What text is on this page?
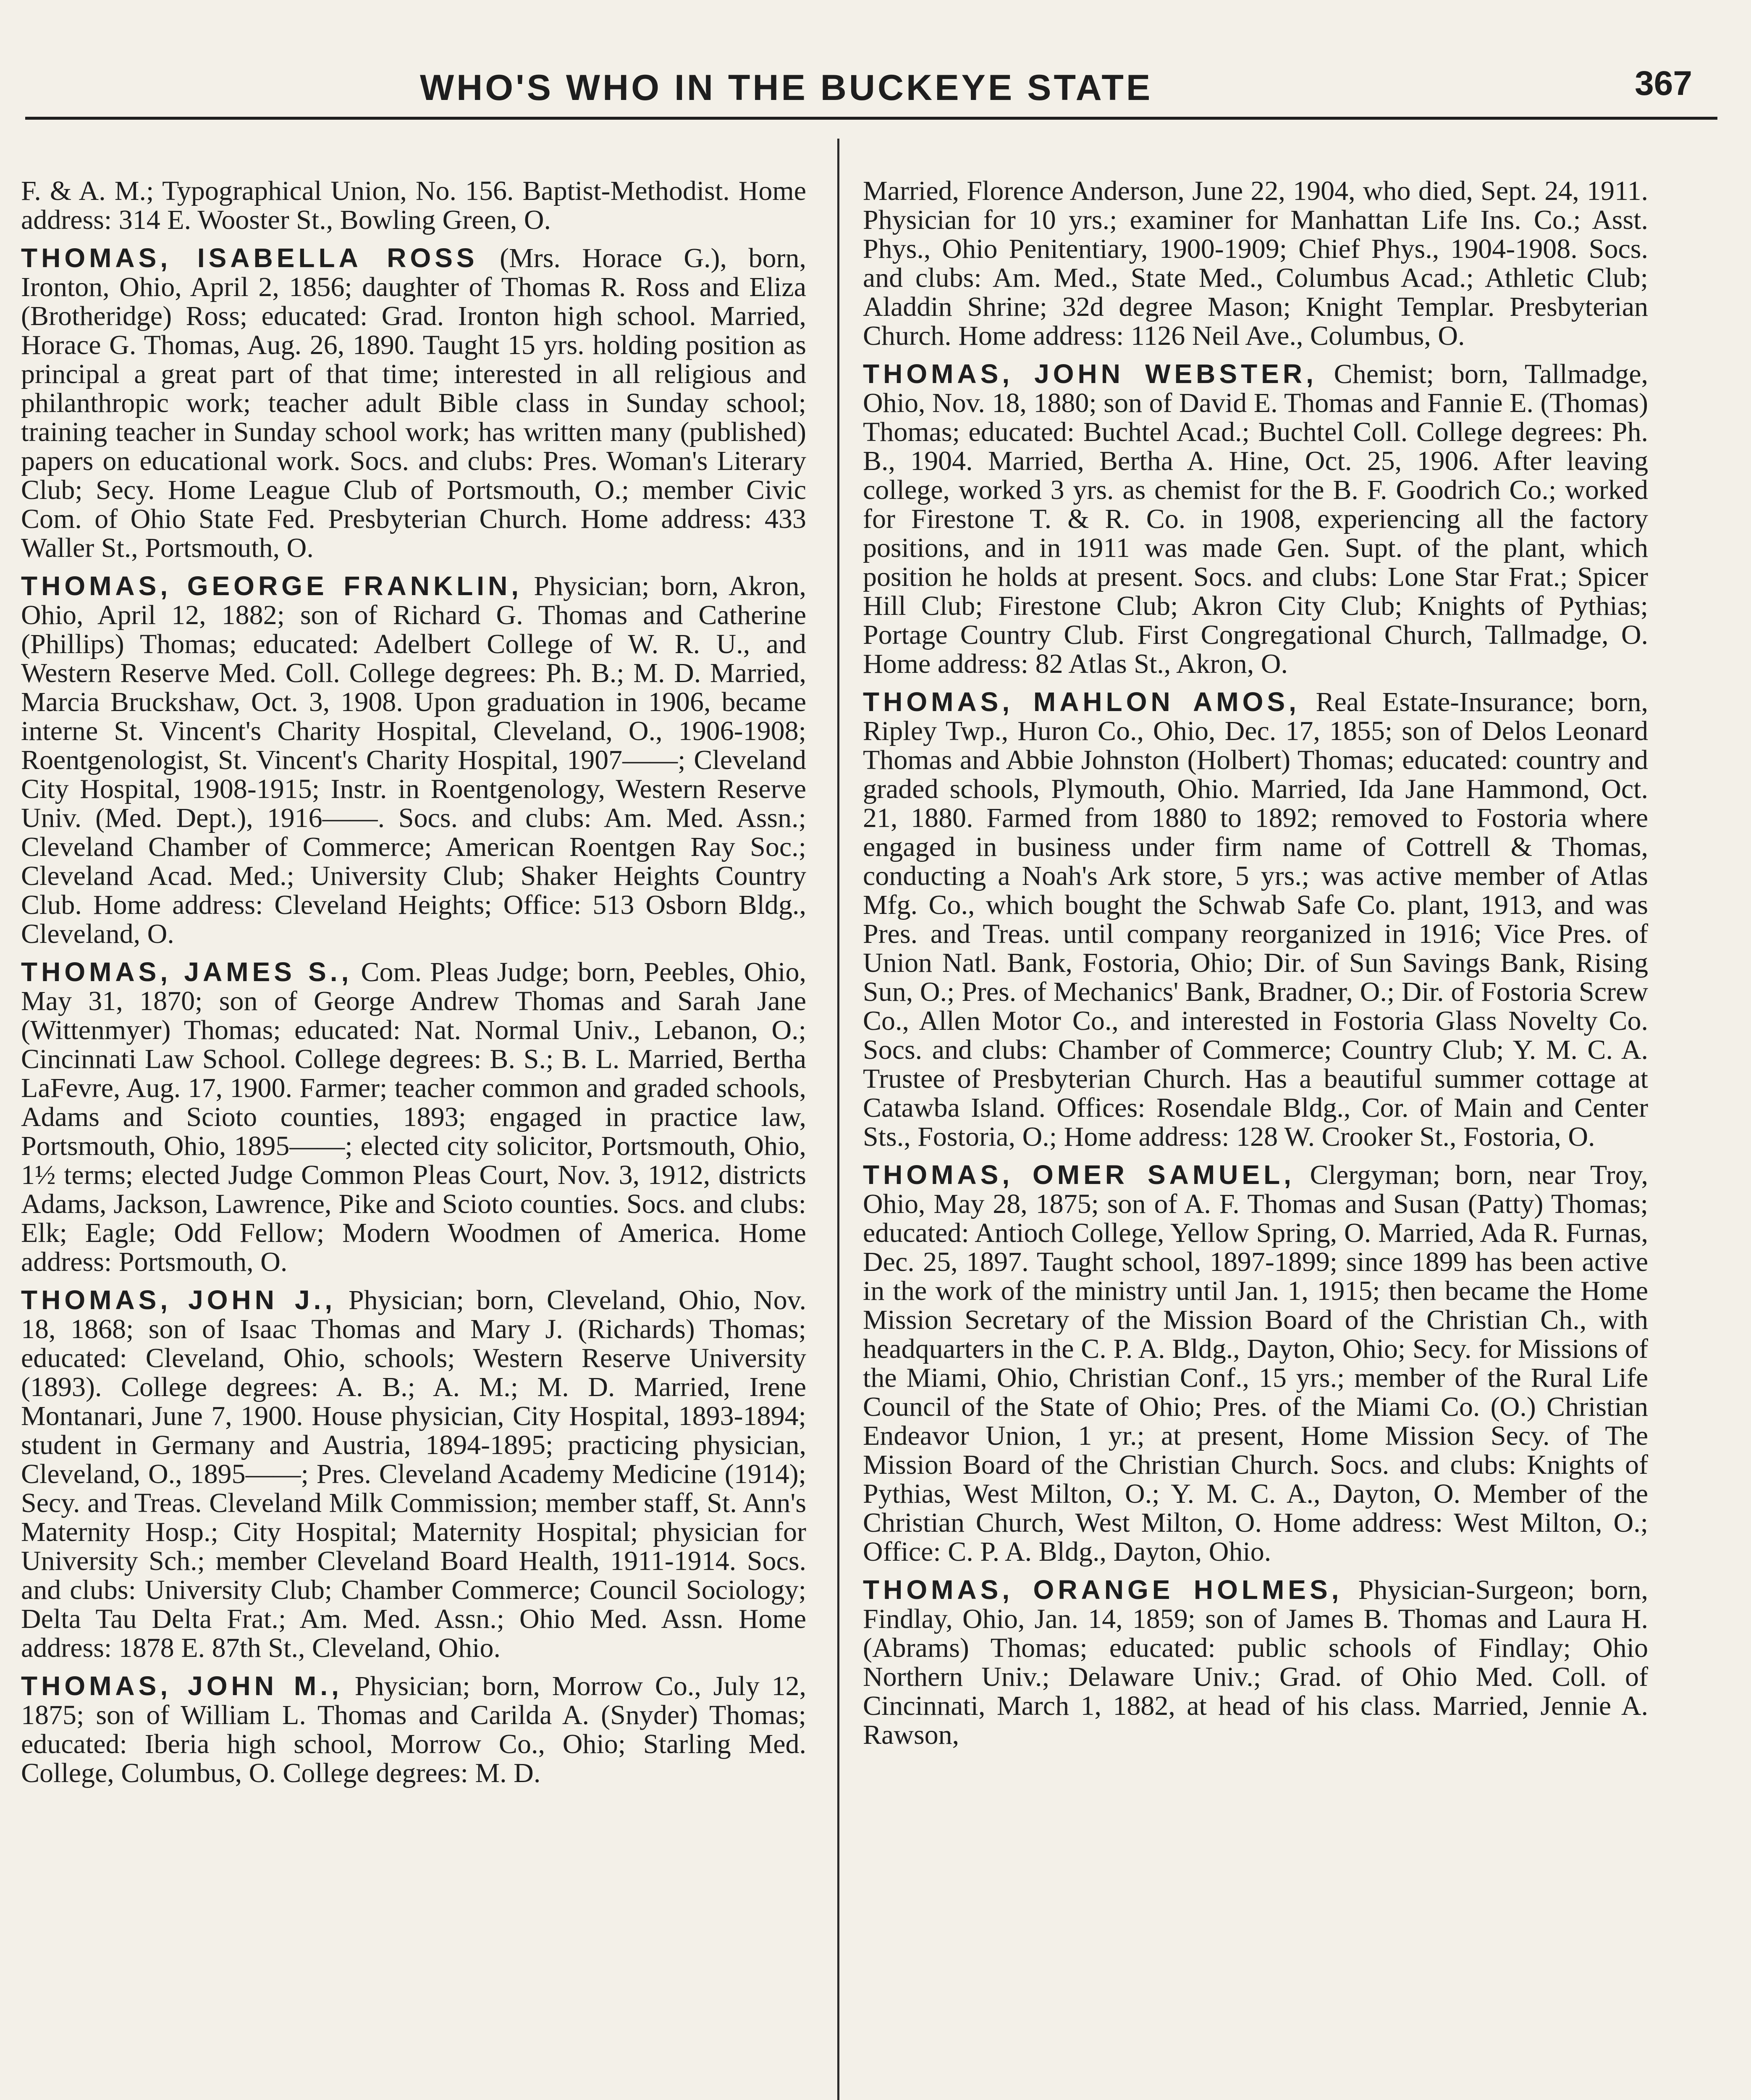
WHO'S WHO IN THE BUCKEYE STATE	367

F. & A. M.; Typographical Union, No. 156. Baptist-Methodist. Home address: 314 E. Wooster St., Bowling Green, O.

THOMAS, ISABELLA ROSS (Mrs. Horace G.), born, Ironton, Ohio, April 2, 1856; daughter of Thomas R. Ross and Eliza (Brotheridge) Ross; educated: Grad. Ironton high school. Married, Horace G. Thomas, Aug. 26, 1890. Taught 15 yrs. holding position as principal a great part of that time; interested in all religious and philanthropic work; teacher adult Bible class in Sunday school; training teacher in Sunday school work; has written many (published) papers on educational work. Socs. and clubs: Pres. Woman's Literary Club; Secy. Home League Club of Portsmouth, O.; member Civic Com. of Ohio State Fed. Presbyterian Church. Home address: 433 Waller St., Portsmouth, O.

THOMAS, GEORGE FRANKLIN, Physician; born, Akron, Ohio, April 12, 1882; son of Richard G. Thomas and Catherine (Phillips) Thomas; educated: Adelbert College of W. R. U., and Western Reserve Med. Coll. College degrees: Ph. B.; M. D. Married, Marcia Bruckshaw, Oct. 3, 1908. Upon graduation in 1906, became interne St. Vincent's Charity Hospital, Cleveland, O., 1906-1908; Roentgenologist, St. Vincent's Charity Hospital, 1907——; Cleveland City Hospital, 1908-1915; Instr. in Roentgenology, Western Reserve Univ. (Med. Dept.), 1916——. Socs. and clubs: Am. Med. Assn.; Cleveland Chamber of Commerce; American Roentgen Ray Soc.; Cleveland Acad. Med.; University Club; Shaker Heights Country Club. Home address: Cleveland Heights; Office: 513 Osborn Bldg., Cleveland, O.

THOMAS, JAMES S., Com. Pleas Judge; born, Peebles, Ohio, May 31, 1870; son of George Andrew Thomas and Sarah Jane (Wittenmyer) Thomas; educated: Nat. Normal Univ., Lebanon, O.; Cincinnati Law School. College degrees: B. S.; B. L. Married, Bertha LaFevre, Aug. 17, 1900. Farmer; teacher common and graded schools, Adams and Scioto counties, 1893; engaged in practice law, Portsmouth, Ohio, 1895——; elected city solicitor, Portsmouth, Ohio, 1½ terms; elected Judge Common Pleas Court, Nov. 3, 1912, districts Adams, Jackson, Lawrence, Pike and Scioto counties. Socs. and clubs: Elk; Eagle; Odd Fellow; Modern Woodmen of America. Home address: Portsmouth, O.

THOMAS, JOHN J., Physician; born, Cleveland, Ohio, Nov. 18, 1868; son of Isaac Thomas and Mary J. (Richards) Thomas; educated: Cleveland, Ohio, schools; Western Reserve University (1893). College degrees: A. B.; A. M.; M. D. Married, Irene Montanari, June 7, 1900. House physician, City Hospital, 1893-1894; student in Germany and Austria, 1894-1895; practicing physician, Cleveland, O., 1895——; Pres. Cleveland Academy Medicine (1914); Secy. and Treas. Cleveland Milk Commission; member staff, St. Ann's Maternity Hosp.; City Hospital; Maternity Hospital; physician for University Sch.; member Cleveland Board Health, 1911-1914. Socs. and clubs: University Club; Chamber Commerce; Council Sociology; Delta Tau Delta Frat.; Am. Med. Assn.; Ohio Med. Assn. Home address: 1878 E. 87th St., Cleveland, Ohio.

THOMAS, JOHN M., Physician; born, Morrow Co., July 12, 1875; son of William L. Thomas and Carilda A. (Snyder) Thomas; educated: Iberia high school, Morrow Co., Ohio; Starling Med. College, Columbus, O. College degrees: M. D.

Married, Florence Anderson, June 22, 1904, who died, Sept. 24, 1911. Physician for 10 yrs.; examiner for Manhattan Life Ins. Co.; Asst. Phys., Ohio Penitentiary, 1900-1909; Chief Phys., 1904-1908. Socs. and clubs: Am. Med., State Med., Columbus Acad.; Athletic Club; Aladdin Shrine; 32d degree Mason; Knight Templar. Presbyterian Church. Home address: 1126 Neil Ave., Columbus, O.

THOMAS, JOHN WEBSTER, Chemist; born, Tallmadge, Ohio, Nov. 18, 1880; son of David E. Thomas and Fannie E. (Thomas) Thomas; educated: Buchtel Acad.; Buchtel Coll. College degrees: Ph. B., 1904. Married, Bertha A. Hine, Oct. 25, 1906. After leaving college, worked 3 yrs. as chemist for the B. F. Goodrich Co.; worked for Firestone T. & R. Co. in 1908, experiencing all the factory positions, and in 1911 was made Gen. Supt. of the plant, which position he holds at present. Socs. and clubs: Lone Star Frat.; Spicer Hill Club; Firestone Club; Akron City Club; Knights of Pythias; Portage Country Club. First Congregational Church, Tallmadge, O. Home address: 82 Atlas St., Akron, O.

THOMAS, MAHLON AMOS, Real Estate-Insurance; born, Ripley Twp., Huron Co., Ohio, Dec. 17, 1855; son of Delos Leonard Thomas and Abbie Johnston (Holbert) Thomas; educated: country and graded schools, Plymouth, Ohio. Married, Ida Jane Hammond, Oct. 21, 1880. Farmed from 1880 to 1892; removed to Fostoria where engaged in business under firm name of Cottrell & Thomas, conducting a Noah's Ark store, 5 yrs.; was active member of Atlas Mfg. Co., which bought the Schwab Safe Co. plant, 1913, and was Pres. and Treas. until company reorganized in 1916; Vice Pres. of Union Natl. Bank, Fostoria, Ohio; Dir. of Sun Savings Bank, Rising Sun, O.; Pres. of Mechanics' Bank, Bradner, O.; Dir. of Fostoria Screw Co., Allen Motor Co., and interested in Fostoria Glass Novelty Co. Socs. and clubs: Chamber of Commerce; Country Club; Y. M. C. A. Trustee of Presbyterian Church. Has a beautiful summer cottage at Catawba Island. Offices: Rosendale Bldg., Cor. of Main and Center Sts., Fostoria, O.; Home address: 128 W. Crooker St., Fostoria, O.

THOMAS, OMER SAMUEL, Clergyman; born, near Troy, Ohio, May 28, 1875; son of A. F. Thomas and Susan (Patty) Thomas; educated: Antioch College, Yellow Spring, O. Married, Ada R. Furnas, Dec. 25, 1897. Taught school, 1897-1899; since 1899 has been active in the work of the ministry until Jan. 1, 1915; then became the Home Mission Secretary of the Mission Board of the Christian Ch., with headquarters in the C. P. A. Bldg., Dayton, Ohio; Secy. for Missions of the Miami, Ohio, Christian Conf., 15 yrs.; member of the Rural Life Council of the State of Ohio; Pres. of the Miami Co. (O.) Christian Endeavor Union, 1 yr.; at present, Home Mission Secy. of The Mission Board of the Christian Church. Socs. and clubs: Knights of Pythias, West Milton, O.; Y. M. C. A., Dayton, O. Member of the Christian Church, West Milton, O. Home address: West Milton, O.; Office: C. P. A. Bldg., Dayton, Ohio.

THOMAS, ORANGE HOLMES, Physician-Surgeon; born, Findlay, Ohio, Jan. 14, 1859; son of James B. Thomas and Laura H. (Abrams) Thomas; educated: public schools of Findlay; Ohio Northern Univ.; Delaware Univ.; Grad. of Ohio Med. Coll. of Cincinnati, March 1, 1882, at head of his class. Married, Jennie A. Rawson,
